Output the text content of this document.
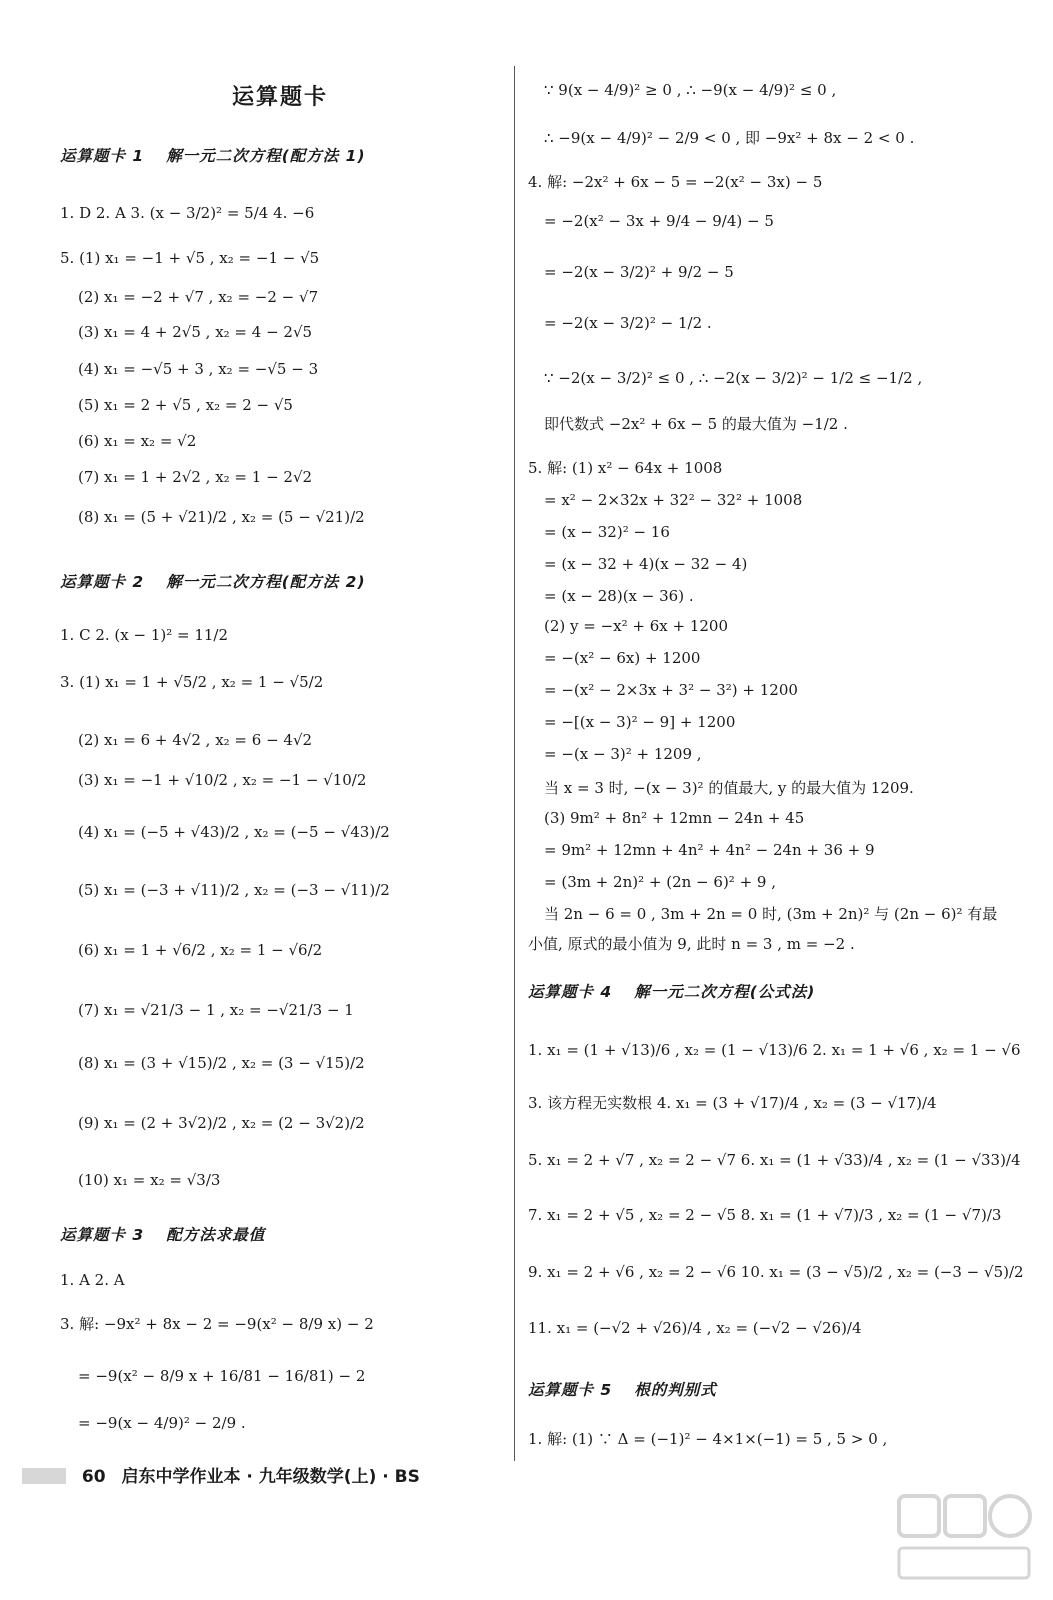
运算题卡
运算题卡 1 解一元二次方程(配方法 1)
1. D 2. A 3. (x − 3/2)² = 5/4 4. −6
5. (1) x₁ = −1 + √5 , x₂ = −1 − √5
(2) x₁ = −2 + √7 , x₂ = −2 − √7
(3) x₁ = 4 + 2√5 , x₂ = 4 − 2√5
(4) x₁ = −√5 + 3 , x₂ = −√5 − 3
(5) x₁ = 2 + √5 , x₂ = 2 − √5
(6) x₁ = x₂ = √2
(7) x₁ = 1 + 2√2 , x₂ = 1 − 2√2
(8) x₁ = (5 + √21)/2 , x₂ = (5 − √21)/2
运算题卡 2 解一元二次方程(配方法 2)
1. C 2. (x − 1)² = 11/2
3. (1) x₁ = 1 + √5/2 , x₂ = 1 − √5/2
(2) x₁ = 6 + 4√2 , x₂ = 6 − 4√2
(3) x₁ = −1 + √10/2 , x₂ = −1 − √10/2
(4) x₁ = (−5 + √43)/2 , x₂ = (−5 − √43)/2
(5) x₁ = (−3 + √11)/2 , x₂ = (−3 − √11)/2
(6) x₁ = 1 + √6/2 , x₂ = 1 − √6/2
(7) x₁ = √21/3 − 1 , x₂ = −√21/3 − 1
(8) x₁ = (3 + √15)/2 , x₂ = (3 − √15)/2
(9) x₁ = (2 + 3√2)/2 , x₂ = (2 − 3√2)/2
(10) x₁ = x₂ = √3/3
运算题卡 3 配方法求最值
1. A 2. A
3. 解: −9x² + 8x − 2 = −9(x² − 8/9 x) − 2
= −9(x² − 8/9 x + 16/81 − 16/81) − 2
= −9(x − 4/9)² − 2/9 .
∵ 9(x − 4/9)² ≥ 0 , ∴ −9(x − 4/9)² ≤ 0 ,
∴ −9(x − 4/9)² − 2/9 < 0 , 即 −9x² + 8x − 2 < 0 .
4. 解: −2x² + 6x − 5 = −2(x² − 3x) − 5
= −2(x² − 3x + 9/4 − 9/4) − 5
= −2(x − 3/2)² + 9/2 − 5
= −2(x − 3/2)² − 1/2 .
∵ −2(x − 3/2)² ≤ 0 , ∴ −2(x − 3/2)² − 1/2 ≤ −1/2 ,
即代数式 −2x² + 6x − 5 的最大值为 −1/2 .
5. 解: (1) x² − 64x + 1008
= x² − 2×32x + 32² − 32² + 1008
= (x − 32)² − 16
= (x − 32 + 4)(x − 32 − 4)
= (x − 28)(x − 36) .
(2) y = −x² + 6x + 1200
= −(x² − 6x) + 1200
= −(x² − 2×3x + 3² − 3²) + 1200
= −[(x − 3)² − 9] + 1200
= −(x − 3)² + 1209 ,
当 x = 3 时, −(x − 3)² 的值最大, y 的最大值为 1209.
(3) 9m² + 8n² + 12mn − 24n + 45
= 9m² + 12mn + 4n² + 4n² − 24n + 36 + 9
= (3m + 2n)² + (2n − 6)² + 9 ,
当 2n − 6 = 0 , 3m + 2n = 0 时, (3m + 2n)² 与 (2n − 6)² 有最
小值, 原式的最小值为 9, 此时 n = 3 , m = −2 .
运算题卡 4 解一元二次方程(公式法)
1. x₁ = (1 + √13)/6 , x₂ = (1 − √13)/6 2. x₁ = 1 + √6 , x₂ = 1 − √6
3. 该方程无实数根 4. x₁ = (3 + √17)/4 , x₂ = (3 − √17)/4
5. x₁ = 2 + √7 , x₂ = 2 − √7 6. x₁ = (1 + √33)/4 , x₂ = (1 − √33)/4
7. x₁ = 2 + √5 , x₂ = 2 − √5 8. x₁ = (1 + √7)/3 , x₂ = (1 − √7)/3
9. x₁ = 2 + √6 , x₂ = 2 − √6 10. x₁ = (3 − √5)/2 , x₂ = (−3 − √5)/2
11. x₁ = (−√2 + √26)/4 , x₂ = (−√2 − √26)/4
运算题卡 5 根的判别式
1. 解: (1) ∵ Δ = (−1)² − 4×1×(−1) = 5 , 5 > 0 ,
60 启东中学作业本 · 九年级数学(上) · BS
